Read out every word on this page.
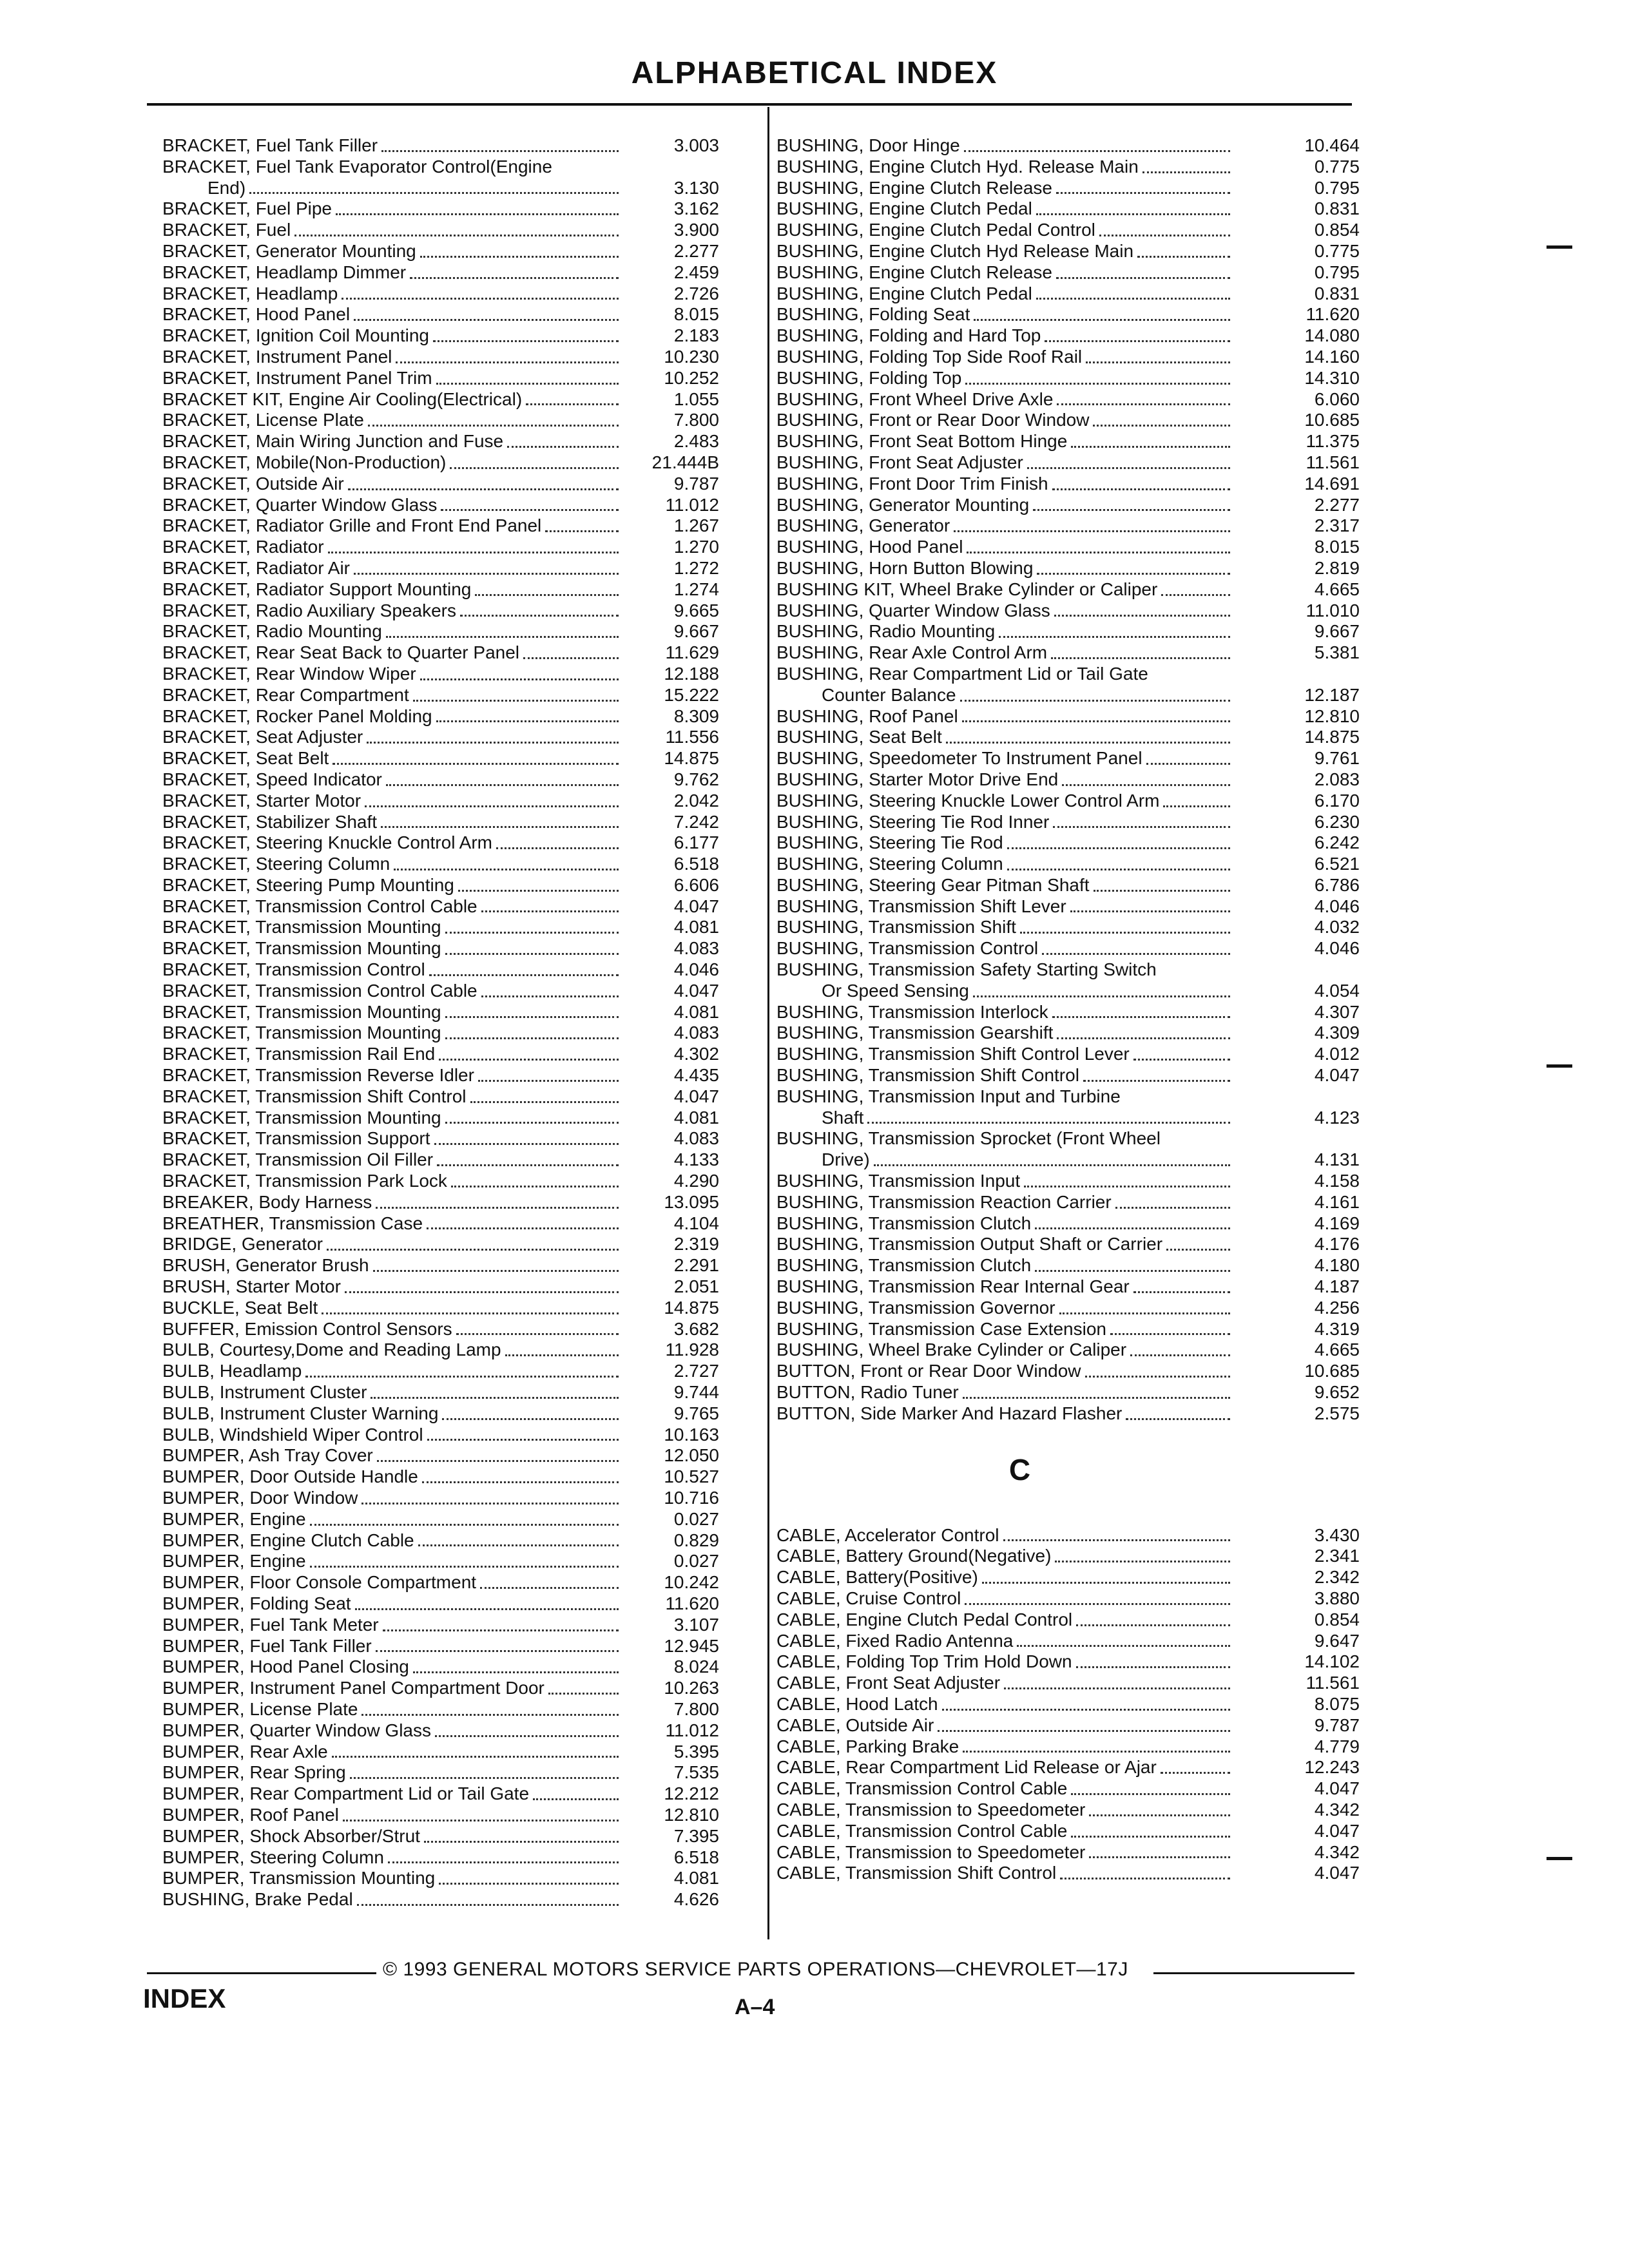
ALPHABETICAL INDEX
BRACKET, Fuel Tank Filler	3.003
BRACKET, Fuel Tank Evaporator Control(Engine
End)	3.130
BRACKET, Fuel Pipe	3.162
BRACKET, Fuel	3.900
BRACKET, Generator Mounting	2.277
BRACKET, Headlamp Dimmer	2.459
BRACKET, Headlamp	2.726
BRACKET, Hood Panel	8.015
BRACKET, Ignition Coil Mounting	2.183
BRACKET, Instrument Panel	10.230
BRACKET, Instrument Panel Trim	10.252
BRACKET KIT, Engine Air Cooling(Electrical)	1.055
BRACKET, License Plate	7.800
BRACKET, Main Wiring Junction and Fuse	2.483
BRACKET, Mobile(Non-Production)	21.444B
BRACKET, Outside Air	9.787
BRACKET, Quarter Window Glass	11.012
BRACKET, Radiator Grille and Front End Panel	1.267
BRACKET, Radiator	1.270
BRACKET, Radiator Air	1.272
BRACKET, Radiator Support Mounting	1.274
BRACKET, Radio Auxiliary Speakers	9.665
BRACKET, Radio Mounting	9.667
BRACKET, Rear Seat Back to Quarter Panel	11.629
BRACKET, Rear Window Wiper	12.188
BRACKET, Rear Compartment	15.222
BRACKET, Rocker Panel Molding	8.309
BRACKET, Seat Adjuster	11.556
BRACKET, Seat Belt	14.875
BRACKET, Speed Indicator	9.762
BRACKET, Starter Motor	2.042
BRACKET, Stabilizer Shaft	7.242
BRACKET, Steering Knuckle Control Arm	6.177
BRACKET, Steering Column	6.518
BRACKET, Steering Pump Mounting	6.606
BRACKET, Transmission Control Cable	4.047
BRACKET, Transmission Mounting	4.081
BRACKET, Transmission Mounting	4.083
BRACKET, Transmission Control	4.046
BRACKET, Transmission Control Cable	4.047
BRACKET, Transmission Mounting	4.081
BRACKET, Transmission Mounting	4.083
BRACKET, Transmission Rail End	4.302
BRACKET, Transmission Reverse Idler	4.435
BRACKET, Transmission Shift Control	4.047
BRACKET, Transmission Mounting	4.081
BRACKET, Transmission Support	4.083
BRACKET, Transmission Oil Filler	4.133
BRACKET, Transmission Park Lock	4.290
BREAKER, Body Harness	13.095
BREATHER, Transmission Case	4.104
BRIDGE, Generator	2.319
BRUSH, Generator Brush	2.291
BRUSH, Starter Motor	2.051
BUCKLE, Seat Belt	14.875
BUFFER, Emission Control Sensors	3.682
BULB, Courtesy,Dome and Reading Lamp	11.928
BULB, Headlamp	2.727
BULB, Instrument Cluster	9.744
BULB, Instrument Cluster Warning	9.765
BULB, Windshield Wiper Control	10.163
BUMPER, Ash Tray Cover	12.050
BUMPER, Door Outside Handle	10.527
BUMPER, Door Window	10.716
BUMPER, Engine	0.027
BUMPER, Engine Clutch Cable	0.829
BUMPER, Engine	0.027
BUMPER, Floor Console Compartment	10.242
BUMPER, Folding Seat	11.620
BUMPER, Fuel Tank Meter	3.107
BUMPER, Fuel Tank Filler	12.945
BUMPER, Hood Panel Closing	8.024
BUMPER, Instrument Panel Compartment Door	10.263
BUMPER, License Plate	7.800
BUMPER, Quarter Window Glass	11.012
BUMPER, Rear Axle	5.395
BUMPER, Rear Spring	7.535
BUMPER, Rear Compartment Lid or Tail Gate	12.212
BUMPER, Roof Panel	12.810
BUMPER, Shock Absorber/Strut	7.395
BUMPER, Steering Column	6.518
BUMPER, Transmission Mounting	4.081
BUSHING, Brake Pedal	4.626
BUSHING, Door Hinge	10.464
BUSHING, Engine Clutch Hyd. Release Main	0.775
BUSHING, Engine Clutch Release	0.795
BUSHING, Engine Clutch Pedal	0.831
BUSHING, Engine Clutch Pedal Control	0.854
BUSHING, Engine Clutch Hyd Release Main	0.775
BUSHING, Engine Clutch Release	0.795
BUSHING, Engine Clutch Pedal	0.831
BUSHING, Folding Seat	11.620
BUSHING, Folding and Hard Top	14.080
BUSHING, Folding Top Side Roof Rail	14.160
BUSHING, Folding Top	14.310
BUSHING, Front Wheel Drive Axle	6.060
BUSHING, Front or Rear Door Window	10.685
BUSHING, Front Seat Bottom Hinge	11.375
BUSHING, Front Seat Adjuster	11.561
BUSHING, Front Door Trim Finish	14.691
BUSHING, Generator Mounting	2.277
BUSHING, Generator	2.317
BUSHING, Hood Panel	8.015
BUSHING, Horn Button Blowing	2.819
BUSHING KIT, Wheel Brake Cylinder or Caliper	4.665
BUSHING, Quarter Window Glass	11.010
BUSHING, Radio Mounting	9.667
BUSHING, Rear Axle Control Arm	5.381
BUSHING, Rear Compartment Lid or Tail Gate
Counter Balance	12.187
BUSHING, Roof Panel	12.810
BUSHING, Seat Belt	14.875
BUSHING, Speedometer To Instrument Panel	9.761
BUSHING, Starter Motor Drive End	2.083
BUSHING, Steering Knuckle Lower Control Arm	6.170
BUSHING, Steering Tie Rod Inner	6.230
BUSHING, Steering Tie Rod	6.242
BUSHING, Steering Column	6.521
BUSHING, Steering Gear Pitman Shaft	6.786
BUSHING, Transmission Shift Lever	4.046
BUSHING, Transmission Shift	4.032
BUSHING, Transmission Control	4.046
BUSHING, Transmission Safety Starting Switch
Or Speed Sensing	4.054
BUSHING, Transmission Interlock	4.307
BUSHING, Transmission Gearshift	4.309
BUSHING, Transmission Shift Control Lever	4.012
BUSHING, Transmission Shift Control	4.047
BUSHING, Transmission Input and Turbine
Shaft	4.123
BUSHING, Transmission Sprocket (Front Wheel
Drive)	4.131
BUSHING, Transmission Input	4.158
BUSHING, Transmission Reaction Carrier	4.161
BUSHING, Transmission Clutch	4.169
BUSHING, Transmission Output Shaft or Carrier	4.176
BUSHING, Transmission Clutch	4.180
BUSHING, Transmission Rear Internal Gear	4.187
BUSHING, Transmission Governor	4.256
BUSHING, Transmission Case Extension	4.319
BUSHING, Wheel Brake Cylinder or Caliper	4.665
BUTTON, Front or Rear Door Window	10.685
BUTTON, Radio Tuner	9.652
BUTTON, Side Marker And Hazard Flasher	2.575
C
CABLE, Accelerator Control	3.430
CABLE, Battery Ground(Negative)	2.341
CABLE, Battery(Positive)	2.342
CABLE, Cruise Control	3.880
CABLE, Engine Clutch Pedal Control	0.854
CABLE, Fixed Radio Antenna	9.647
CABLE, Folding Top Trim Hold Down	14.102
CABLE, Front Seat Adjuster	11.561
CABLE, Hood Latch	8.075
CABLE, Outside Air	9.787
CABLE, Parking Brake	4.779
CABLE, Rear Compartment Lid Release or Ajar	12.243
CABLE, Transmission Control Cable	4.047
CABLE, Transmission to Speedometer	4.342
CABLE, Transmission Control Cable	4.047
CABLE, Transmission to Speedometer	4.342
CABLE, Transmission Shift Control	4.047
© 1993 GENERAL MOTORS SERVICE PARTS OPERATIONS—CHEVROLET—17J
INDEX	A–4
